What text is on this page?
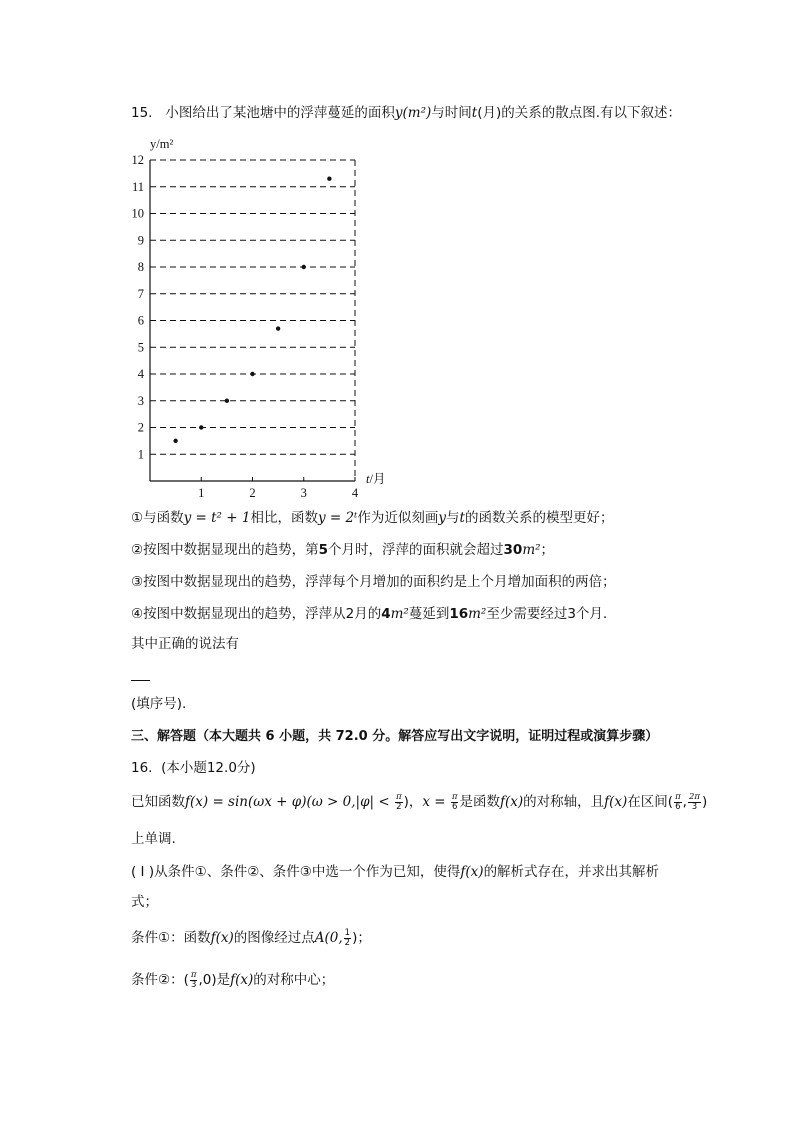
15. 小图给出了某池塘中的浮萍蔓延的面积y(m²)与时间t(月)的关系的散点图.有以下叙述：
y/m²
1
2
3
4
5
6
7
8
9
10
11
12
1	2	3	4
t/月
①与函数y = t² + 1相比，函数y = 2ᵗ作为近似刻画y与t的函数关系的模型更好；
②按图中数据显现出的趋势，第5个月时，浮萍的面积就会超过30m²；
③按图中数据显现出的趋势，浮萍每个月增加的面积约是上个月增加面积的两倍；
④按图中数据显现出的趋势，浮萍从2月的4m²蔓延到16m²至少需要经过3个月.
其中正确的说法有
(填序号).
三、解答题（本大题共 6 小题，共 72.0 分。解答应写出文字说明，证明过程或演算步骤）
16. (本小题12.0分)
已知函数$f(x) = \sin(\omega x + \varphi)(\omega > 0,|\varphi| < \frac{\pi}{2}$ )，$x = \frac{\pi}{6}$ 是函数f(x)的对称轴，且f(x)在区间( $\frac{\pi}{6}$ , $\frac{2\pi}{3}$ )
上单调.
( I )从条件①、条件②、条件③中选一个作为已知，使得f(x)的解析式存在，并求出其解析
式；
条件①：函数f(x)的图像经过点A(0, $\frac{1}{2}$ )；
条件②：( $\frac{\pi}{3} ,0$)是f(x)的对称中心；
